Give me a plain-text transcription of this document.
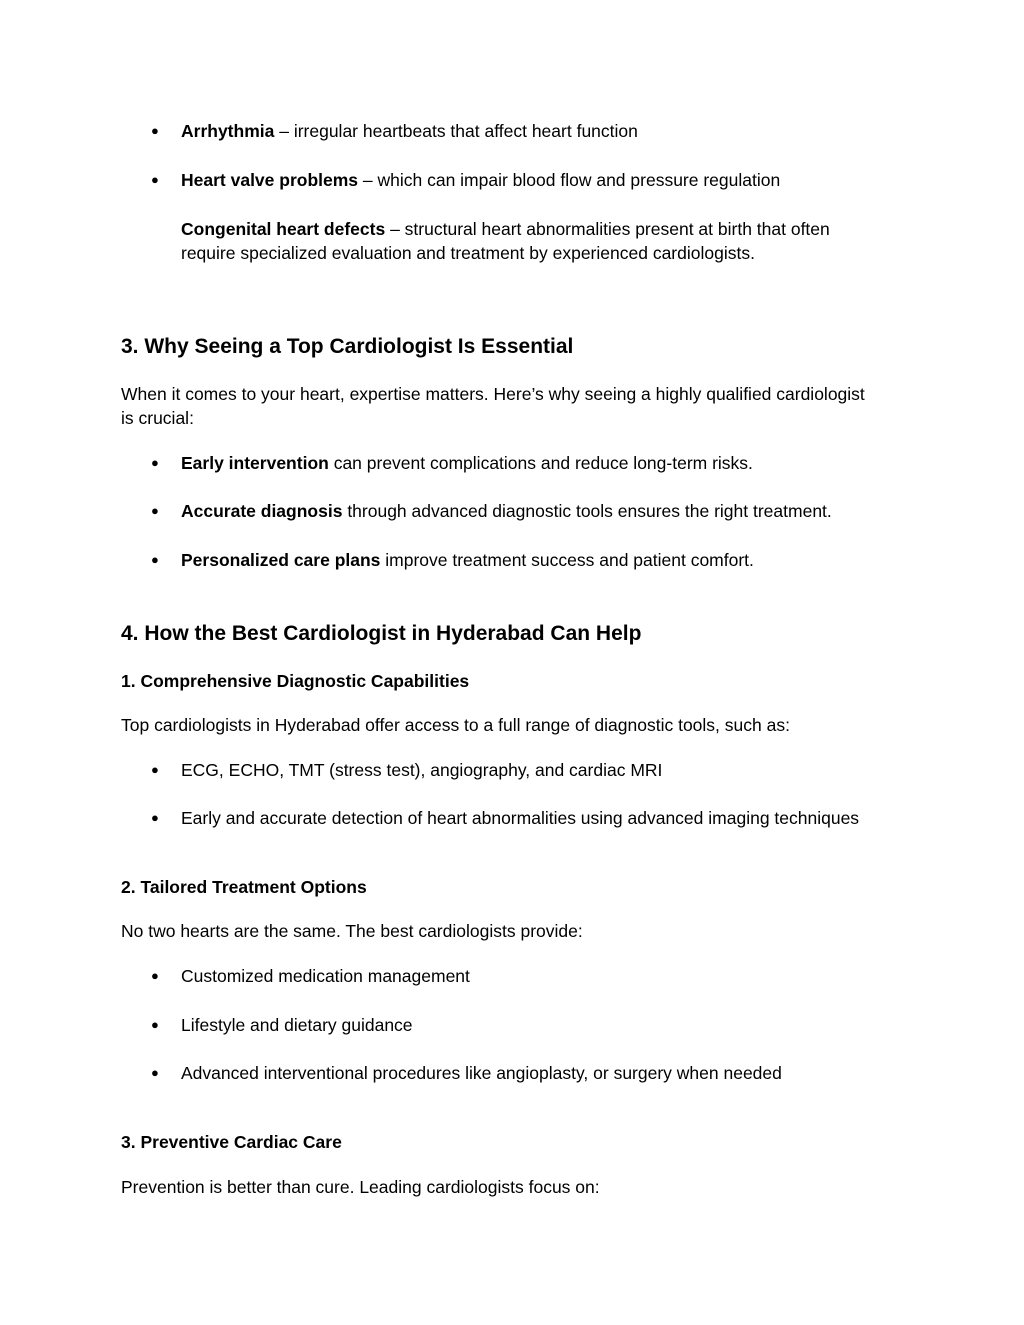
● Arrhythmia – irregular heartbeats that affect heart function
● Heart valve problems – which can impair blood flow and pressure regulation
Congenital heart defects – structural heart abnormalities present at birth that often
require specialized evaluation and treatment by experienced cardiologists.
3. Why Seeing a Top Cardiologist Is Essential
When it comes to your heart, expertise matters. Here’s why seeing a highly qualified cardiologist
is crucial:
● Early intervention can prevent complications and reduce long-term risks.
● Accurate diagnosis through advanced diagnostic tools ensures the right treatment.
● Personalized care plans improve treatment success and patient comfort.
4. How the Best Cardiologist in Hyderabad Can Help
1. Comprehensive Diagnostic Capabilities
Top cardiologists in Hyderabad offer access to a full range of diagnostic tools, such as:
● ECG, ECHO, TMT (stress test), angiography, and cardiac MRI
● Early and accurate detection of heart abnormalities using advanced imaging techniques
2. Tailored Treatment Options
No two hearts are the same. The best cardiologists provide:
● Customized medication management
● Lifestyle and dietary guidance
● Advanced interventional procedures like angioplasty, or surgery when needed
3. Preventive Cardiac Care
Prevention is better than cure. Leading cardiologists focus on:
